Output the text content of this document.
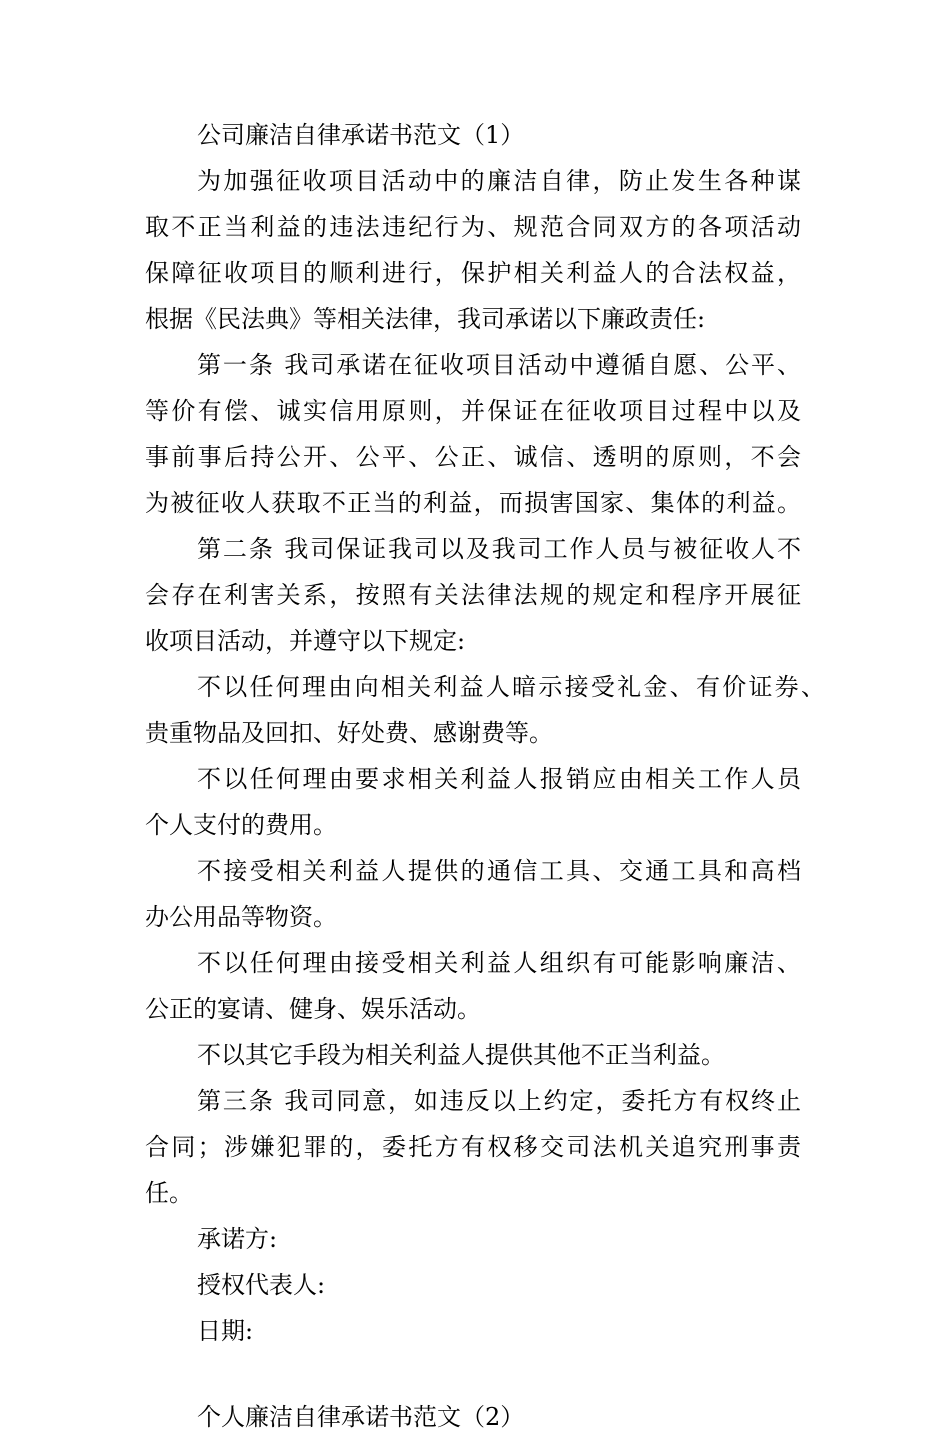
公司廉洁自律承诺书范文（1）
为加强征收项目活动中的廉洁自律，防止发生各种谋
取不正当利益的违法违纪行为、规范合同双方的各项活动
保障征收项目的顺利进行，保护相关利益人的合法权益，
根据《民法典》等相关法律，我司承诺以下廉政责任:
第一条 我司承诺在征收项目活动中遵循自愿、公平、
等价有偿、诚实信用原则，并保证在征收项目过程中以及
事前事后持公开、公平、公正、诚信、透明的原则，不会
为被征收人获取不正当的利益，而损害国家、集体的利益。
第二条 我司保证我司以及我司工作人员与被征收人不
会存在利害关系，按照有关法律法规的规定和程序开展征
收项目活动，并遵守以下规定:
不以任何理由向相关利益人暗示接受礼金、有价证券、
贵重物品及回扣、好处费、感谢费等。
不以任何理由要求相关利益人报销应由相关工作人员
个人支付的费用。
不接受相关利益人提供的通信工具、交通工具和高档
办公用品等物资。
不以任何理由接受相关利益人组织有可能影响廉洁、
公正的宴请、健身、娱乐活动。
不以其它手段为相关利益人提供其他不正当利益。
第三条 我司同意，如违反以上约定，委托方有权终止
合同；涉嫌犯罪的，委托方有权移交司法机关追究刑事责
任。
承诺方:
授权代表人:
日期:
个人廉洁自律承诺书范文（2）
